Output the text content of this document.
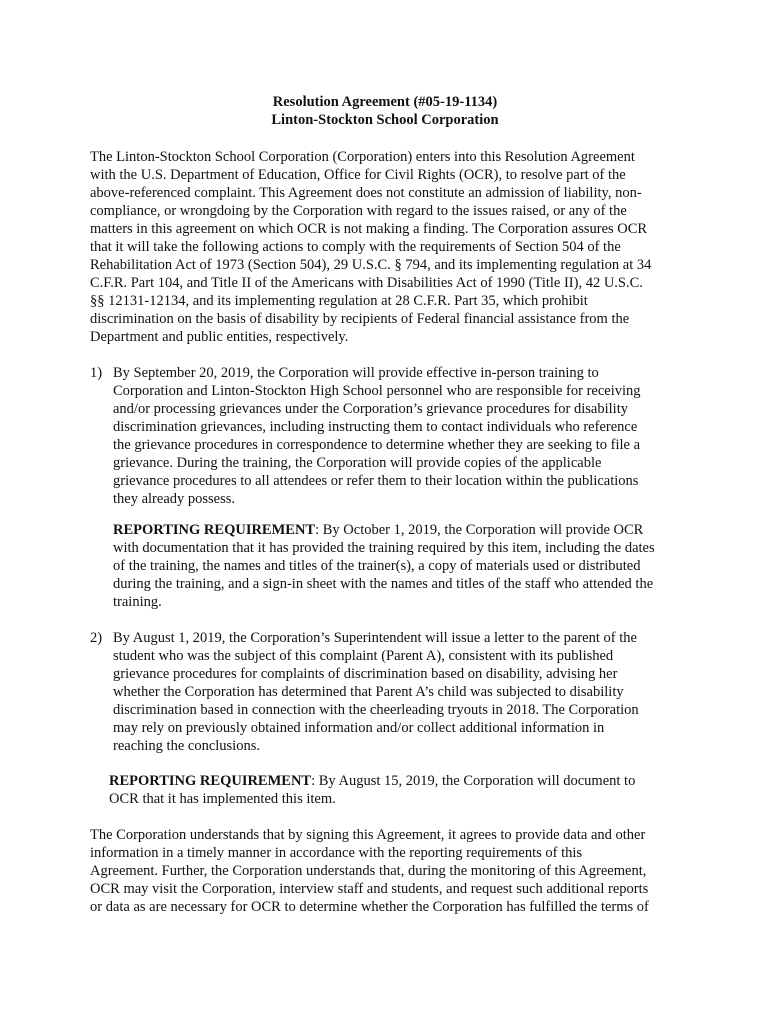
Resolution Agreement (#05-19-1134)
Linton-Stockton School Corporation
The Linton-Stockton School Corporation (Corporation) enters into this Resolution Agreement
with the U.S. Department of Education, Office for Civil Rights (OCR), to resolve part of the
above-referenced complaint. This Agreement does not constitute an admission of liability, non-
compliance, or wrongdoing by the Corporation with regard to the issues raised, or any of the
matters in this agreement on which OCR is not making a finding. The Corporation assures OCR
that it will take the following actions to comply with the requirements of Section 504 of the
Rehabilitation Act of 1973 (Section 504), 29 U.S.C. § 794, and its implementing regulation at 34
C.F.R. Part 104, and Title II of the Americans with Disabilities Act of 1990 (Title II), 42 U.S.C.
§§ 12131-12134, and its implementing regulation at 28 C.F.R. Part 35, which prohibit
discrimination on the basis of disability by recipients of Federal financial assistance from the
Department and public entities, respectively.
1) By September 20, 2019, the Corporation will provide effective in-person training to
Corporation and Linton-Stockton High School personnel who are responsible for receiving
and/or processing grievances under the Corporation’s grievance procedures for disability
discrimination grievances, including instructing them to contact individuals who reference
the grievance procedures in correspondence to determine whether they are seeking to file a
grievance. During the training, the Corporation will provide copies of the applicable
grievance procedures to all attendees or refer them to their location within the publications
they already possess.
REPORTING REQUIREMENT: By October 1, 2019, the Corporation will provide OCR
with documentation that it has provided the training required by this item, including the dates
of the training, the names and titles of the trainer(s), a copy of materials used or distributed
during the training, and a sign-in sheet with the names and titles of the staff who attended the
training.
2) By August 1, 2019, the Corporation’s Superintendent will issue a letter to the parent of the
student who was the subject of this complaint (Parent A), consistent with its published
grievance procedures for complaints of discrimination based on disability, advising her
whether the Corporation has determined that Parent A’s child was subjected to disability
discrimination based in connection with the cheerleading tryouts in 2018. The Corporation
may rely on previously obtained information and/or collect additional information in
reaching the conclusions.
REPORTING REQUIREMENT: By August 15, 2019, the Corporation will document to
OCR that it has implemented this item.
The Corporation understands that by signing this Agreement, it agrees to provide data and other
information in a timely manner in accordance with the reporting requirements of this
Agreement. Further, the Corporation understands that, during the monitoring of this Agreement,
OCR may visit the Corporation, interview staff and students, and request such additional reports
or data as are necessary for OCR to determine whether the Corporation has fulfilled the terms of
